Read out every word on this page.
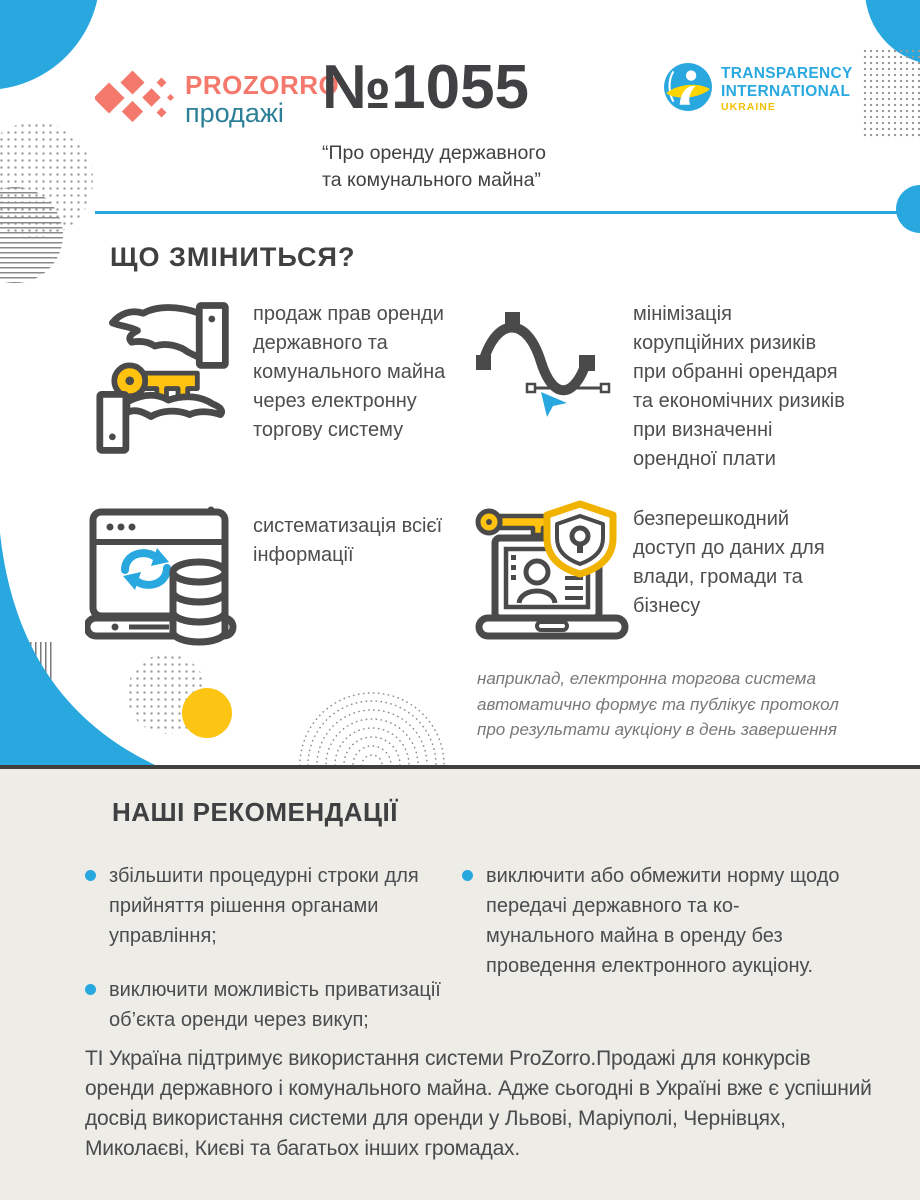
PROZORRO
продажі №1055
“Про оренду державного
та комунального майна”
TRANSPARENCY
INTERNATIONAL
UKRAINE
ЩО ЗМІНИТЬСЯ?
продаж прав оренди державного та комунального майна через електронну торгову систему
мінімізація корупційних ризиків при обранні орендаря та економічних ризиків при визначенні орендної плати
систематизація всієї інформації
безперешкодний доступ до даних для влади, громади та бізнесу
наприклад, електронна торгова система автоматично формує та публікує протокол про результати аукціону в день завершення
НАШІ РЕКОМЕНДАЦІЇ
збільшити процедурні строки для прийняття рішення органами управління;
виключити можливість приватизації об’єкта оренди через викуп;
виключити або обмежити норму щодо передачі державного та комунального майна в оренду без проведення електронного аукціону.
ТІ Україна підтримує використання системи ProZorro.Продажі для конкурсів оренди державного і комунального майна. Адже сьогодні в Україні вже є успішний досвід використання системи для оренди у Львові, Маріуполі, Чернівцях, Миколаєві, Києві та багатьох інших громадах.
